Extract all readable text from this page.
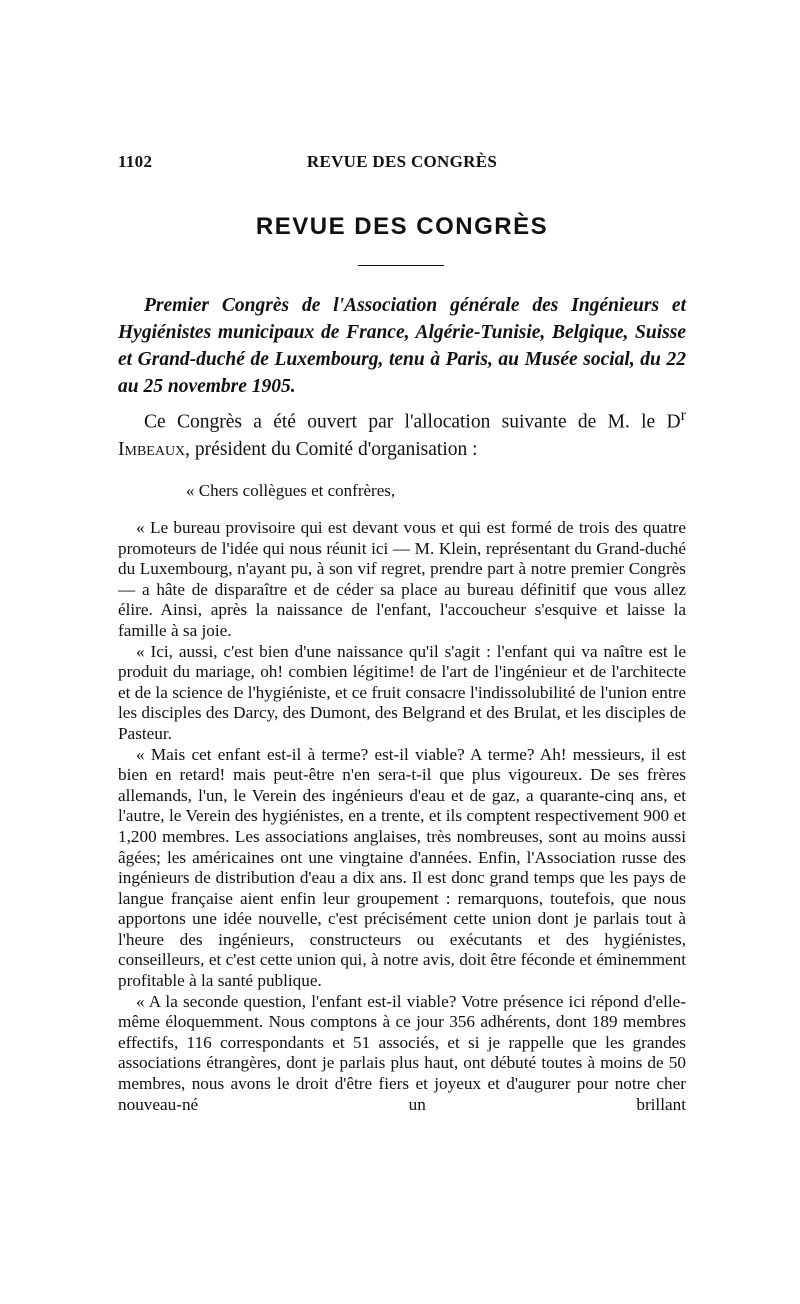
1102	REVUE DES CONGRÈS
REVUE DES CONGRÈS
Premier Congrès de l'Association générale des Ingénieurs et Hygiénistes municipaux de France, Algérie-Tunisie, Belgique, Suisse et Grand-duché de Luxembourg, tenu à Paris, au Musée social, du 22 au 25 novembre 1905.
Ce Congrès a été ouvert par l'allocation suivante de M. le $D^r$ Imbeaux, président du Comité d'organisation :
« Chers collègues et confrères,

« Le bureau provisoire qui est devant vous et qui est formé de trois des quatre promoteurs de l'idée qui nous réunit ici — M. Klein, représentant du Grand-duché du Luxembourg, n'ayant pu, à son vif regret, prendre part à notre premier Congrès — a hâte de disparaître et de céder sa place au bureau définitif que vous allez élire. Ainsi, après la naissance de l'enfant, l'accoucheur s'esquive et laisse la famille à sa joie.

« Ici, aussi, c'est bien d'une naissance qu'il s'agit : l'enfant qui va naître est le produit du mariage, oh! combien légitime! de l'art de l'ingénieur et de l'architecte et de la science de l'hygiéniste, et ce fruit consacre l'indissolubilité de l'union entre les disciples des Darcy, des Dumont, des Belgrand et des Brulat, et les disciples de Pasteur.

« Mais cet enfant est-il à terme? est-il viable? A terme? Ah! messieurs, il est bien en retard! mais peut-être n'en sera-t-il que plus vigoureux. De ses frères allemands, l'un, le Verein des ingénieurs d'eau et de gaz, a quarante-cinq ans, et l'autre, le Verein des hygiénistes, en a trente, et ils comptent respectivement 900 et 1,200 membres. Les associations anglaises, très nombreuses, sont au moins aussi âgées; les américaines ont une vingtaine d'années. Enfin, l'Association russe des ingénieurs de distribution d'eau a dix ans. Il est donc grand temps que les pays de langue française aient enfin leur groupement : remarquons, toutefois, que nous apportons une idée nouvelle, c'est précisément cette union dont je parlais tout à l'heure des ingénieurs, constructeurs ou exécutants et des hygiénistes, conseilleurs, et c'est cette union qui, à notre avis, doit être féconde et éminemment profitable à la santé publique.

« A la seconde question, l'enfant est-il viable? Votre présence ici répond d'elle-même éloquemment. Nous comptons à ce jour 356 adhérents, dont 189 membres effectifs, 116 correspondants et 51 associés, et si je rappelle que les grandes associations étrangères, dont je parlais plus haut, ont débuté toutes à moins de 50 membres, nous avons le droit d'être fiers et joyeux et d'augurer pour notre cher nouveau-né un brillant
